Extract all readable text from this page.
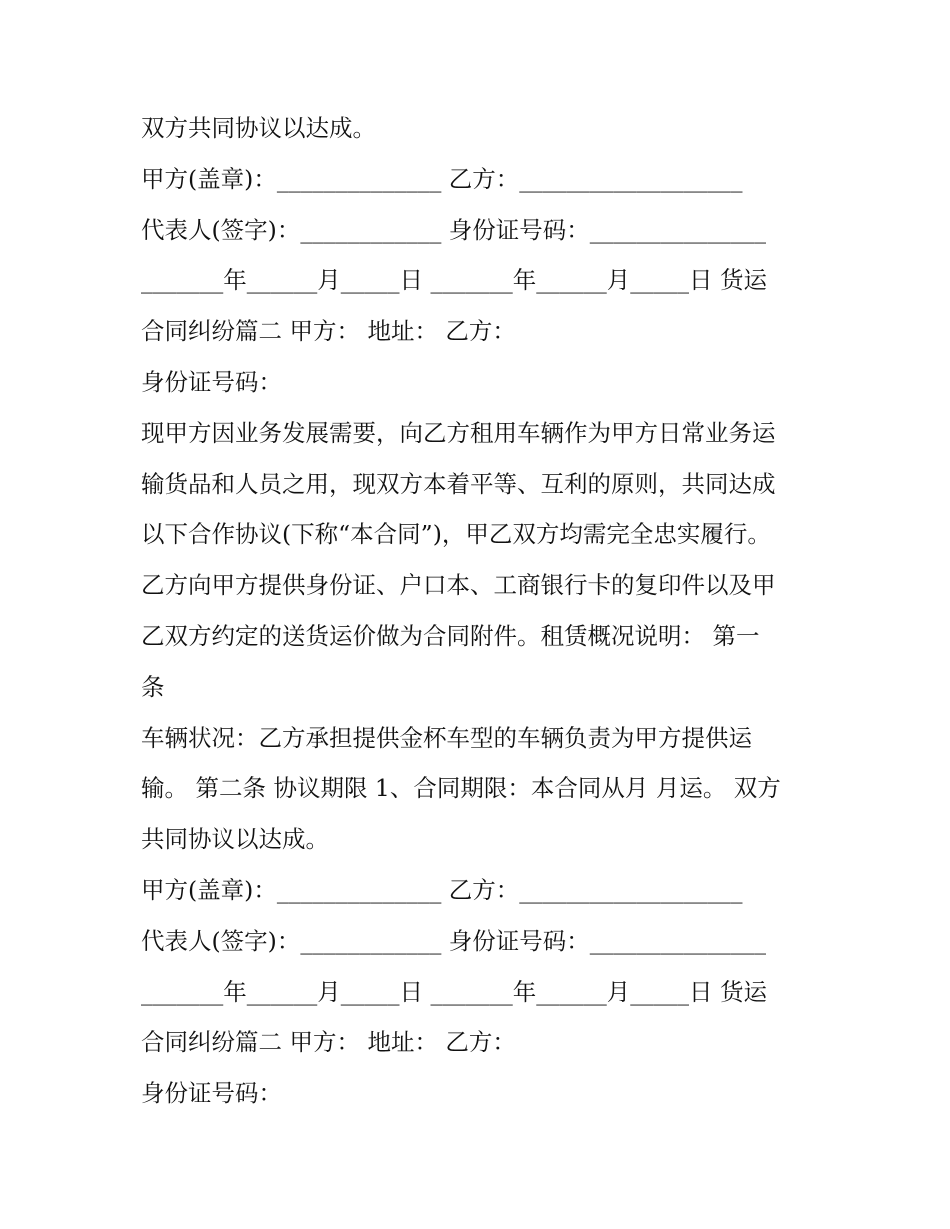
双方共同协议以达成。
甲方(盖章)：______________ 乙方：___________________
代表人(签字)：____________ 身份证号码：_______________
_______年______月_____日 _______年______月_____日 货运
合同纠纷篇二 甲方： 地址： 乙方：
身份证号码：
现甲方因业务发展需要，向乙方租用车辆作为甲方日常业务运
输货品和人员之用，现双方本着平等、互利的原则，共同达成
以下合作协议(下称“本合同”)，甲乙双方均需完全忠实履行。
乙方向甲方提供身份证、户口本、工商银行卡的复印件以及甲
乙双方约定的送货运价做为合同附件。租赁概况说明： 第一
条
车辆状况：乙方承担提供金杯车型的车辆负责为甲方提供运
输。 第二条 协议期限 1、合同期限：本合同从月 月运。 双方
共同协议以达成。
甲方(盖章)：______________ 乙方：___________________
代表人(签字)：____________ 身份证号码：_______________
_______年______月_____日 _______年______月_____日 货运
合同纠纷篇二 甲方： 地址： 乙方：
身份证号码：
